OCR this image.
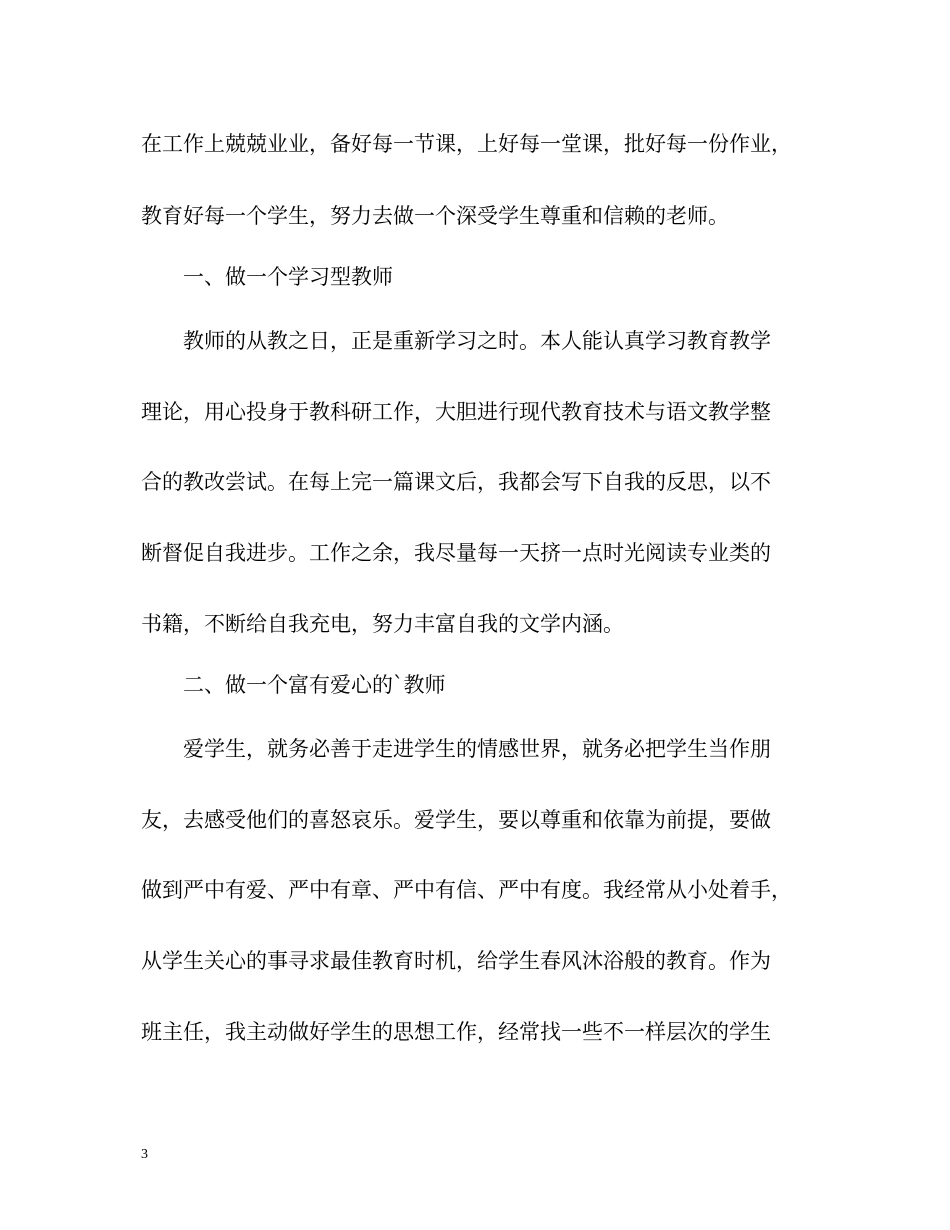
在工作上兢兢业业，备好每一节课，上好每一堂课，批好每一份作业，
教育好每一个学生，努力去做一个深受学生尊重和信赖的老师。
一、做一个学习型教师
教师的从教之日，正是重新学习之时。本人能认真学习教育教学
理论，用心投身于教科研工作，大胆进行现代教育技术与语文教学整
合的教改尝试。在每上完一篇课文后，我都会写下自我的反思，以不
断督促自我进步。工作之余，我尽量每一天挤一点时光阅读专业类的
书籍，不断给自我充电，努力丰富自我的文学内涵。
二、做一个富有爱心的`教师
爱学生，就务必善于走进学生的情感世界，就务必把学生当作朋
友，去感受他们的喜怒哀乐。爱学生，要以尊重和依靠为前提，要做
做到严中有爱、严中有章、严中有信、严中有度。我经常从小处着手，
从学生关心的事寻求最佳教育时机，给学生春风沐浴般的教育。作为
班主任，我主动做好学生的思想工作，经常找一些不一样层次的学生
3
